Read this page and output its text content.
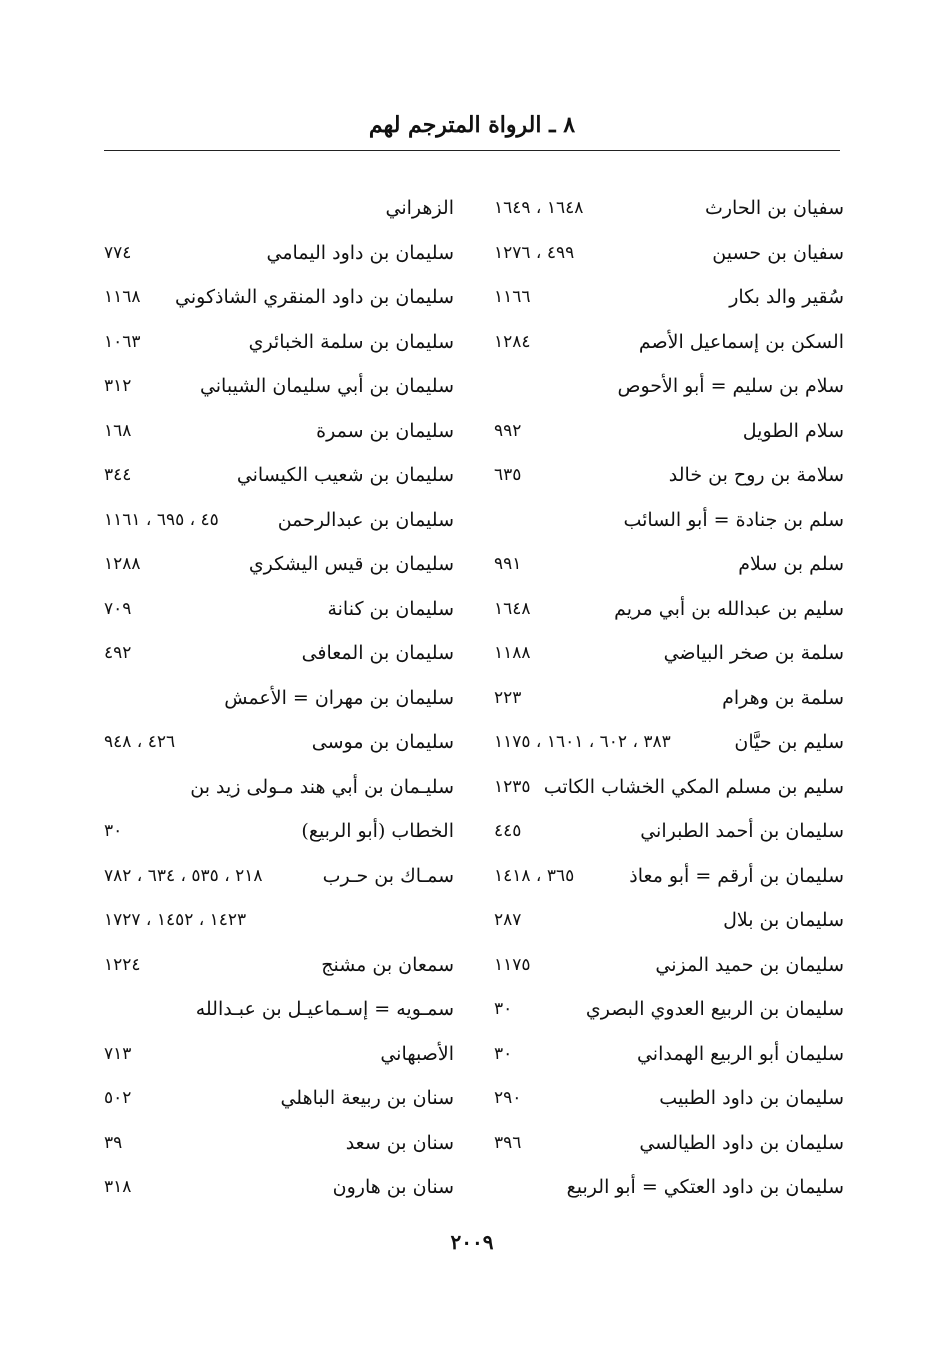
٨ ـ الرواة المترجم لهم
سفيان بن الحارث
١٦٤٨ ، ١٦٤٩
سفيان بن حسين
٤٩٩ ، ١٢٧٦
سُقير والد بكار
١١٦٦
السكن بن إسماعيل الأصم
١٢٨٤
سلام بن سليم = أبو الأحوص
سلام الطويل
٩٩٢
سلامة بن روح بن خالد
٦٣٥
سلم بن جنادة = أبو السائب
سلم بن سلام
٩٩١
سليم بن عبدالله بن أبي مريم
١٦٤٨
سلمة بن صخر البياضي
١١٨٨
سلمة بن وهرام
٢٢٣
سليم بن حيَّان
٣٨٣ ، ٦٠٢ ، ١٦٠١ ، ١١٧٥
سليم بن مسلم المكي الخشاب الكاتب
١٢٣٥
سليمان بن أحمد الطبراني
٤٤٥
سليمان بن أرقم = أبو معاذ
٣٦٥ ، ١٤١٨
سليمان بن بلال
٢٨٧
سليمان بن حميد المزني
١١٧٥
سليمان بن الربيع العدوي البصري
٣٠
سليمان أبو الربيع الهمداني
٣٠
سليمان بن داود الطبيب
٢٩٠
سليمان بن داود الطيالسي
٣٩٦
سليمان بن داود العتكي = أبو الربيع
الزهراني
سليمان بن داود اليمامي
٧٧٤
سليمان بن داود المنقري الشاذكوني
١١٦٨
سليمان بن سلمة الخبائري
١٠٦٣
سليمان بن أبي سليمان الشيباني
٣١٢
سليمان بن سمرة
١٦٨
سليمان بن شعيب الكيساني
٣٤٤
سليمان بن عبدالرحمن
٤٥ ، ٦٩٥ ، ١١٦١
سليمان بن قيس اليشكري
١٢٨٨
سليمان بن كنانة
٧٠٩
سليمان بن المعافى
٤٩٢
سليمان بن مهران = الأعمش
سليمان بن موسى
٤٢٦ ، ٩٤٨
سليـمان بن أبي هند مـولى زيد بن
الخطاب (أبو الربيع)
٣٠
سمـاك بن حـرب
٢١٨ ، ٥٣٥ ، ٦٣٤ ، ٧٨٢
١٤٢٣ ، ١٤٥٢ ، ١٧٢٧
سمعان بن مشنج
١٢٢٤
سمـويه = إسـماعيـل بن عبـدالله
الأصبهاني
٧١٣
سنان بن ربيعة الباهلي
٥٠٢
سنان بن سعد
٣٩
سنان بن هارون
٣١٨
٢٠٠٩
